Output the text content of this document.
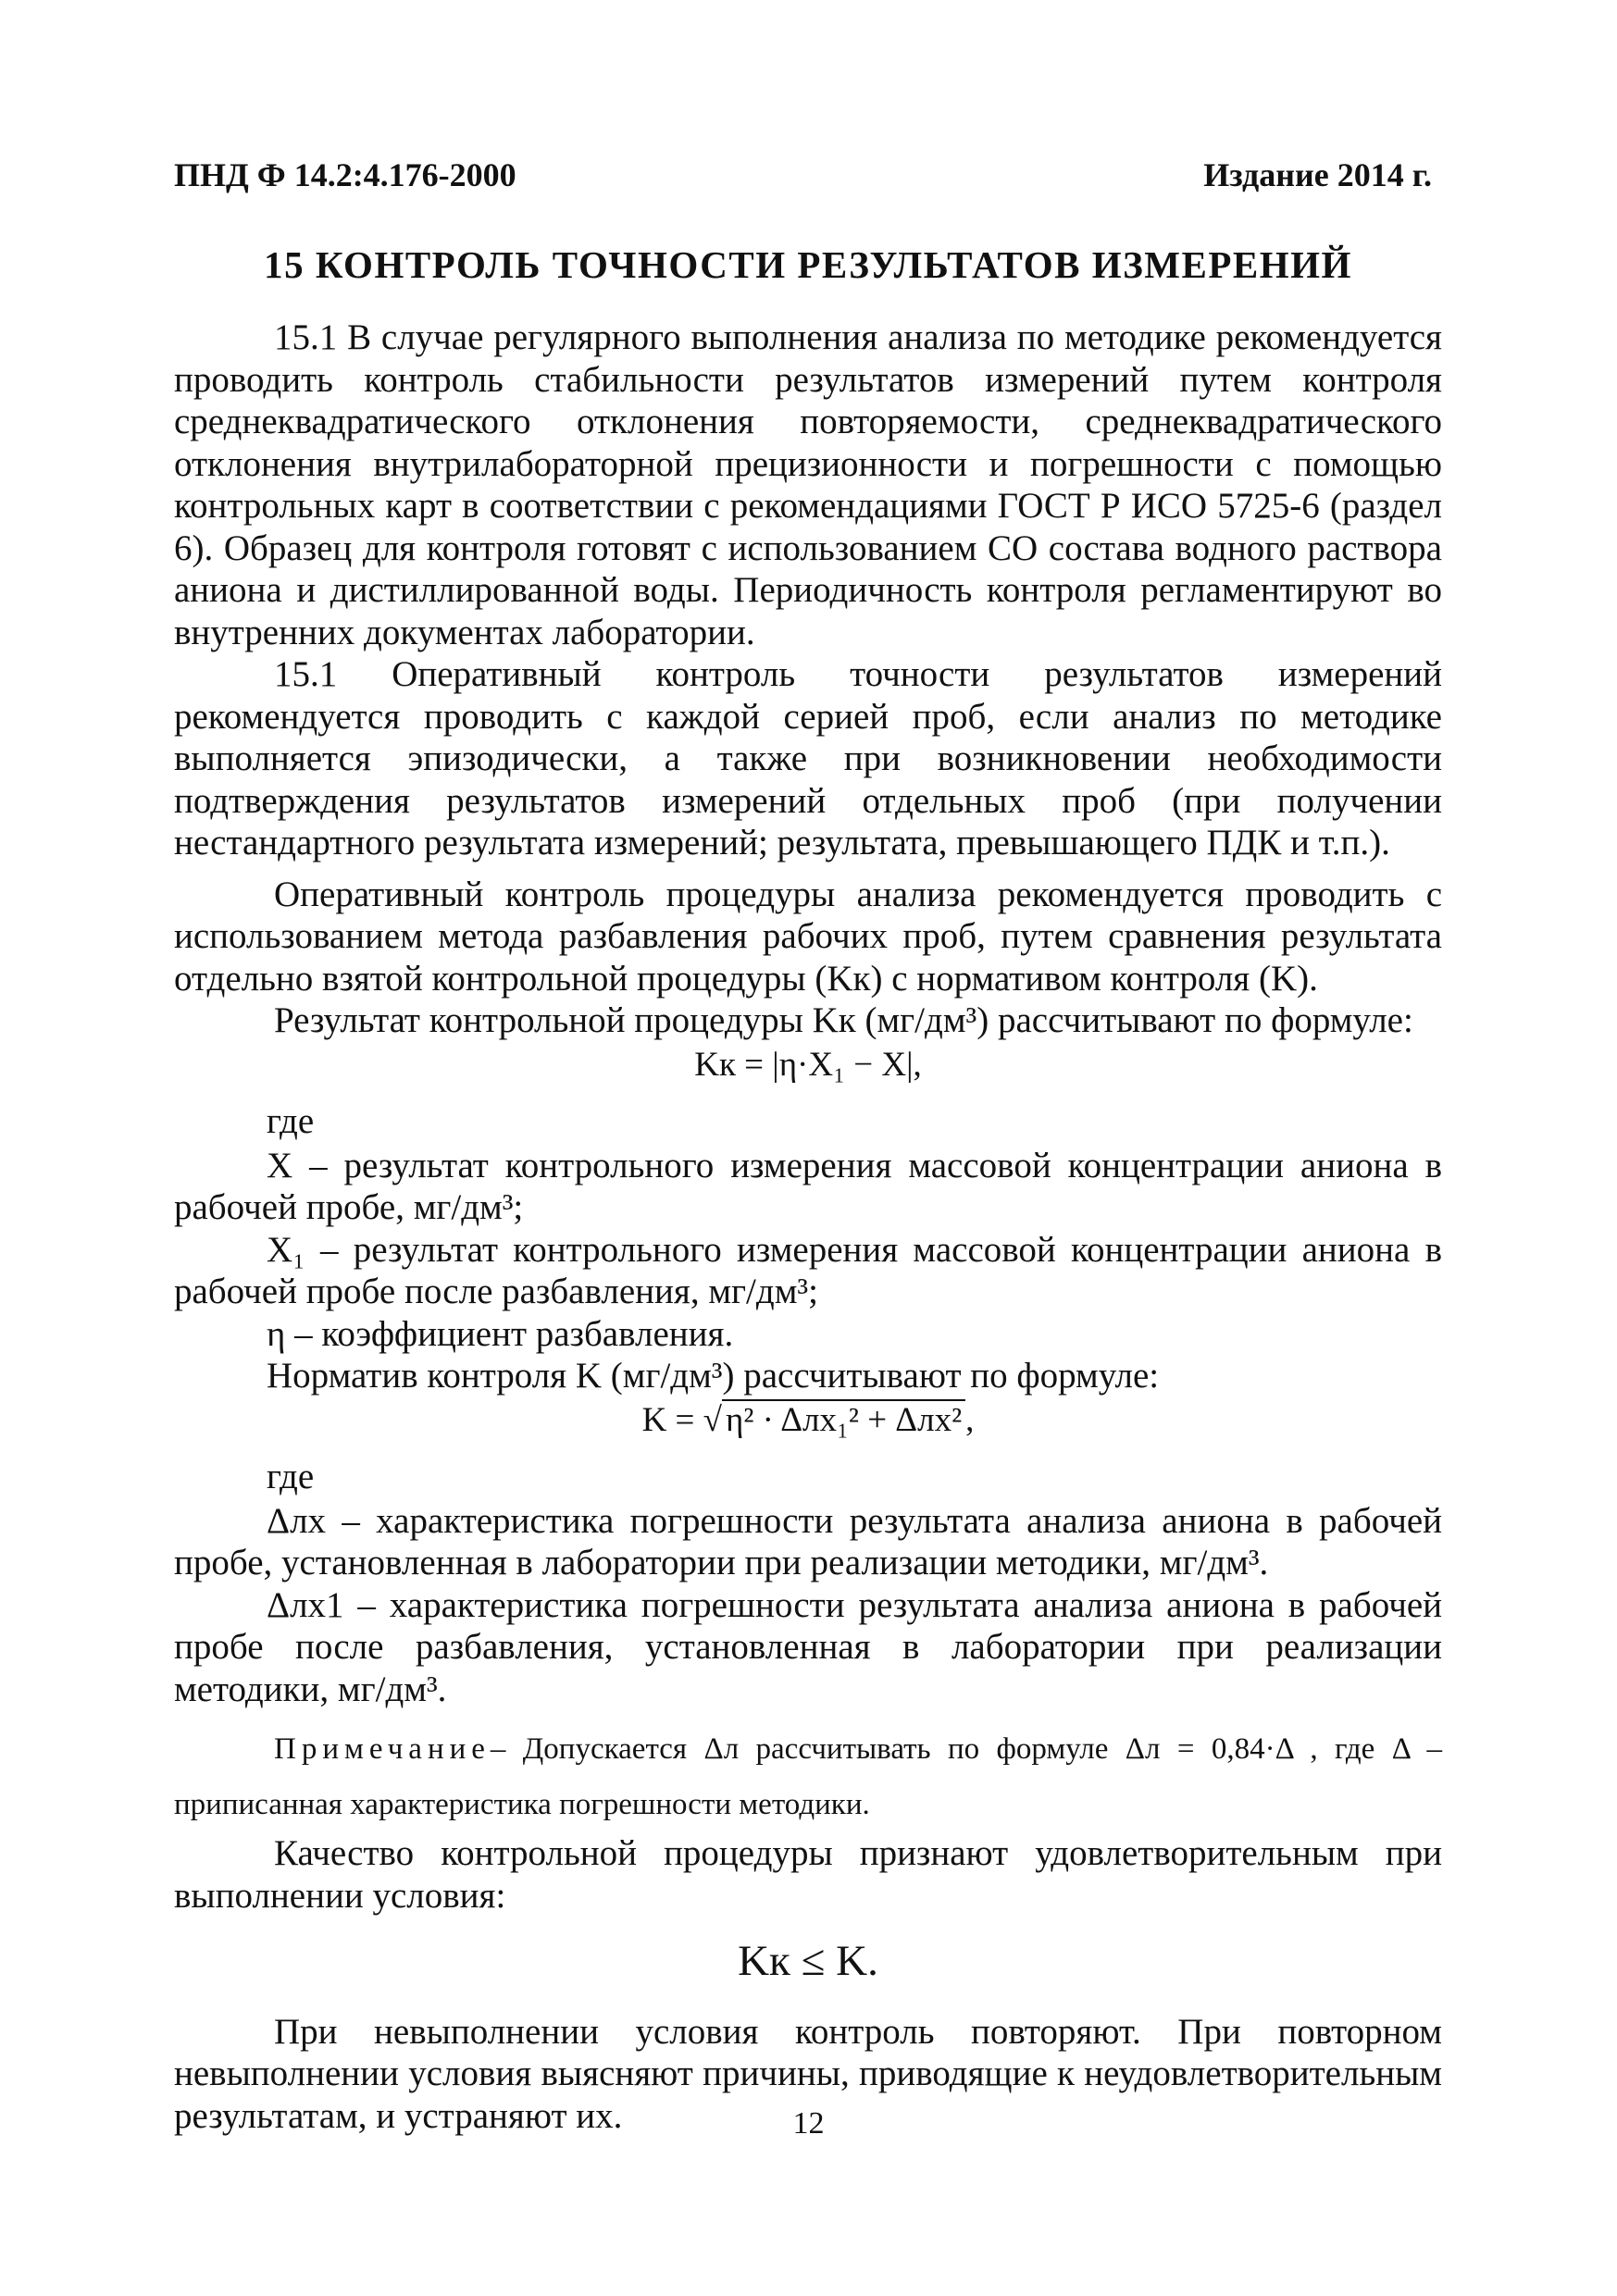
ПНД Ф 14.2:4.176-2000	Издание 2014 г.
15 КОНТРОЛЬ ТОЧНОСТИ РЕЗУЛЬТАТОВ ИЗМЕРЕНИЙ

15.1 В случае регулярного выполнения анализа по методике рекомендуется проводить контроль стабильности результатов измерений путем контроля среднеквадратического отклонения повторяемости, среднеквадратического отклонения внутрилабораторной прецизионности и погрешности с помощью контрольных карт в соответствии с рекомендациями ГОСТ Р ИСО 5725-6 (раздел 6). Образец для контроля готовят с использованием СО состава водного раствора аниона и дистиллированной воды. Периодичность контроля регламентируют во внутренних документах лаборатории.

15.1 Оперативный контроль точности результатов измерений рекомендуется проводить с каждой серией проб, если анализ по методике выполняется эпизодически, а также при возникновении необходимости подтверждения результатов измерений отдельных проб (при получении нестандартного результата измерений; результата, превышающего ПДК и т.п.).

Оперативный контроль процедуры анализа рекомендуется проводить с использованием метода разбавления рабочих проб, путем сравнения результата отдельно взятой контрольной процедуры (Kк) с нормативом контроля (K).

Результат контрольной процедуры Kк (мг/дм³) рассчитывают по формуле:

Kк = |η·X₁ − X|,

где

X – результат контрольного измерения массовой концентрации аниона в рабочей пробе, мг/дм³;

X₁ – результат контрольного измерения массовой концентрации аниона в рабочей пробе после разбавления, мг/дм³;

η – коэффициент разбавления.

Норматив контроля K (мг/дм³) рассчитывают по формуле:

K = √ η² · Δлх₁² + Δлх² ,

где

Δлх – характеристика погрешности результата анализа аниона в рабочей пробе, установленная в лаборатории при реализации методики, мг/дм³.

Δлх1 – характеристика погрешности результата анализа аниона в рабочей пробе после разбавления, установленная в лаборатории при реализации методики, мг/дм³.

Примечание– Допускается Δл рассчитывать по формуле Δл = 0,84·Δ , где Δ – приписанная характеристика погрешности методики.

Качество контрольной процедуры признают удовлетворительным при выполнении условия:

Kк ≤ K.

При невыполнении условия контроль повторяют. При повторном невыполнении условия выясняют причины, приводящие к неудовлетворительным результатам, и устраняют их.	12
